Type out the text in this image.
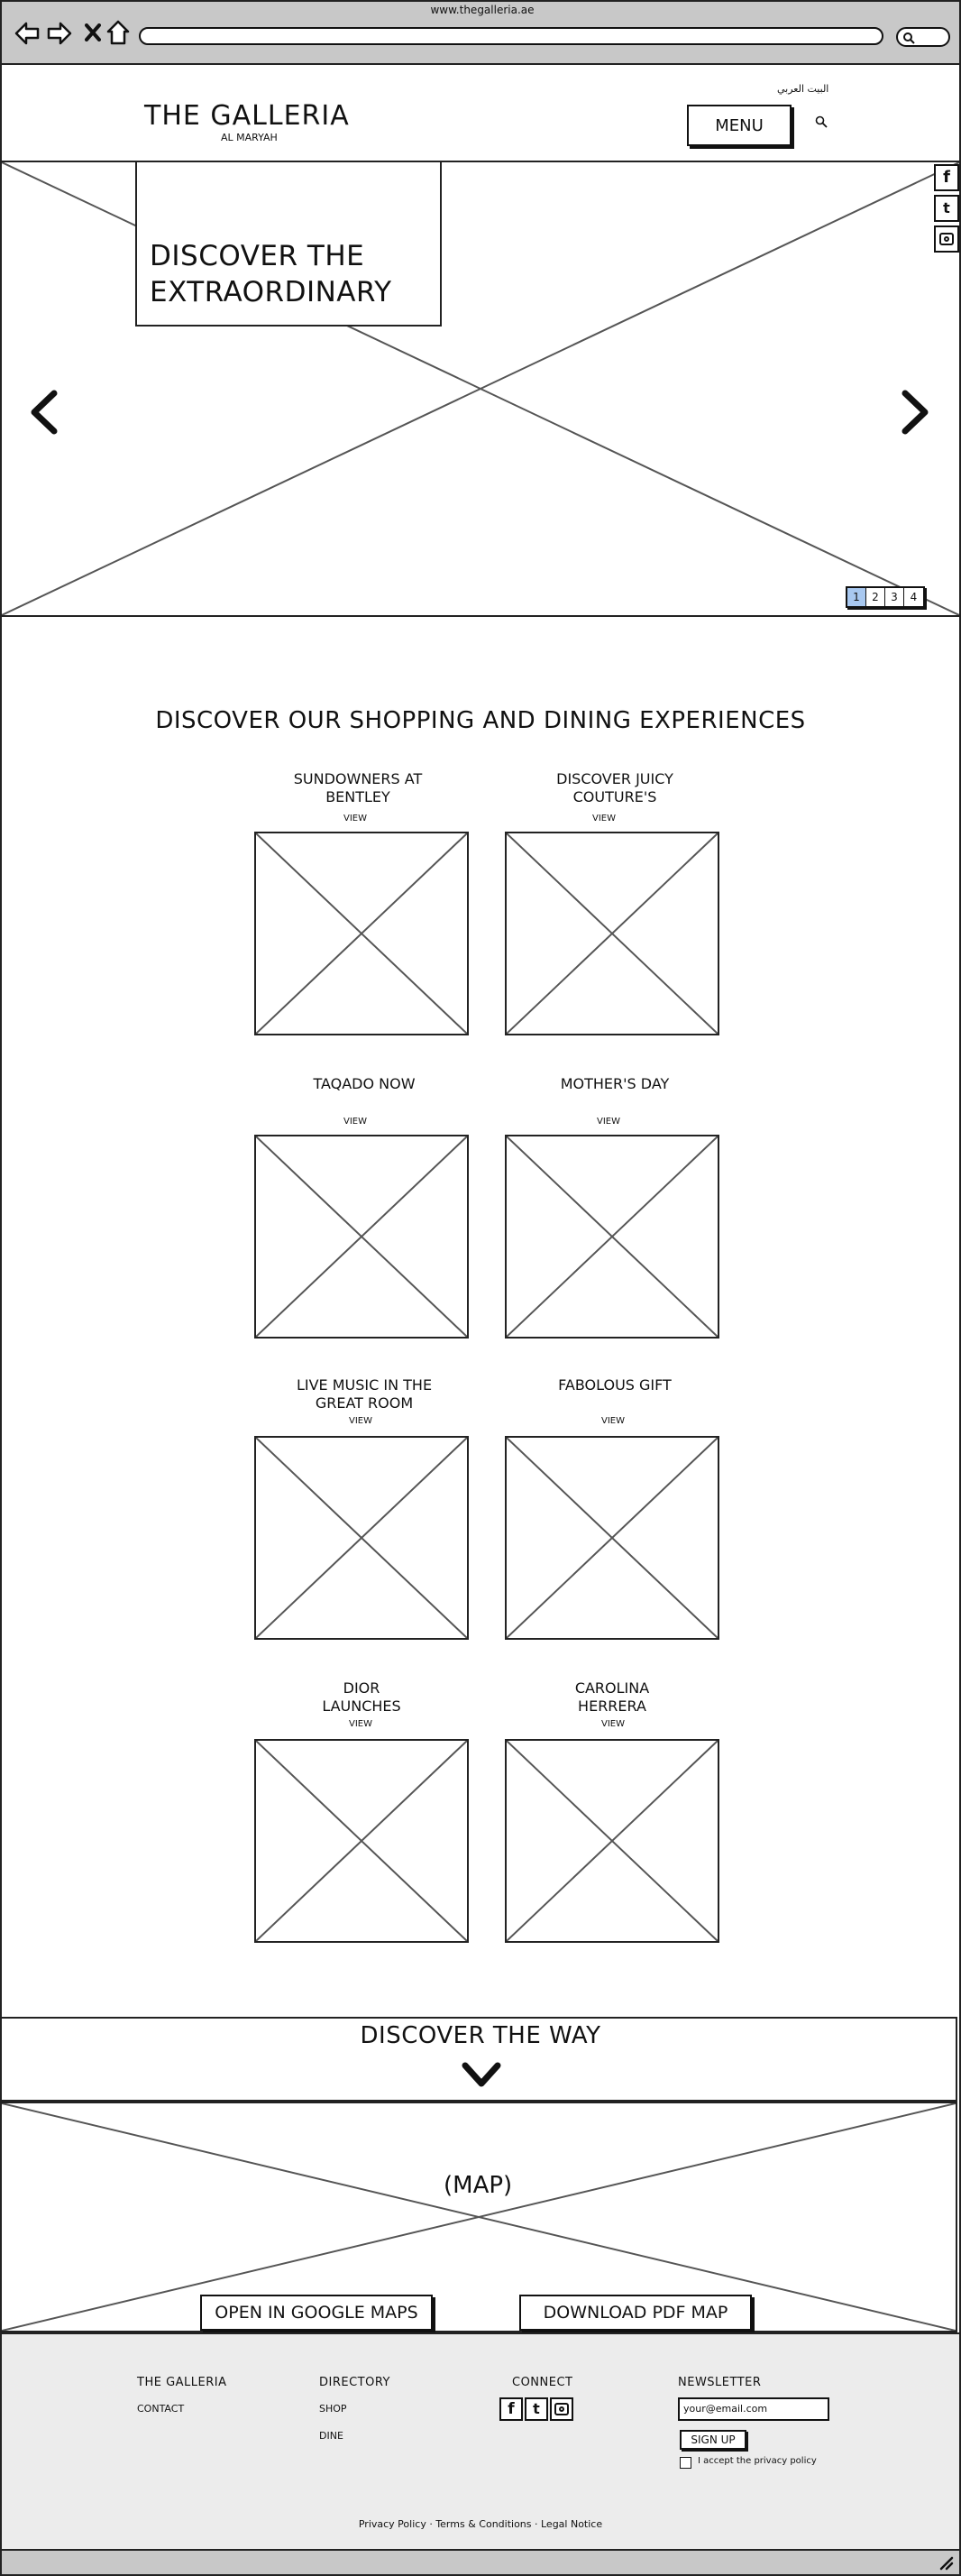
www.thegalleria.ae
THE GALLERIA
AL MARYAH
البيت العربي
MENU
DISCOVER THE
EXTRAORDINARY
f
t
1	2	3	4
DISCOVER OUR SHOPPING AND DINING EXPERIENCES
SUNDOWNERS AT
BENTLEY
VIEW
DISCOVER JUICY
COUTURE'S
VIEW
TAQADO NOW
VIEW
MOTHER'S DAY
VIEW
LIVE MUSIC IN THE
GREAT ROOM
VIEW
FABOLOUS GIFT
VIEW
DIOR
LAUNCHES
VIEW
CAROLINA
HERRERA
VIEW
DISCOVER THE WAY
(MAP)
OPEN IN GOOGLE MAPS	DOWNLOAD PDF MAP
THE GALLERIA
CONTACT
DIRECTORY
SHOP
DINE
CONNECT
f	t
NEWSLETTER
your@email.com
SIGN UP
I accept the privacy policy
Privacy Policy · Terms & Conditions · Legal Notice
